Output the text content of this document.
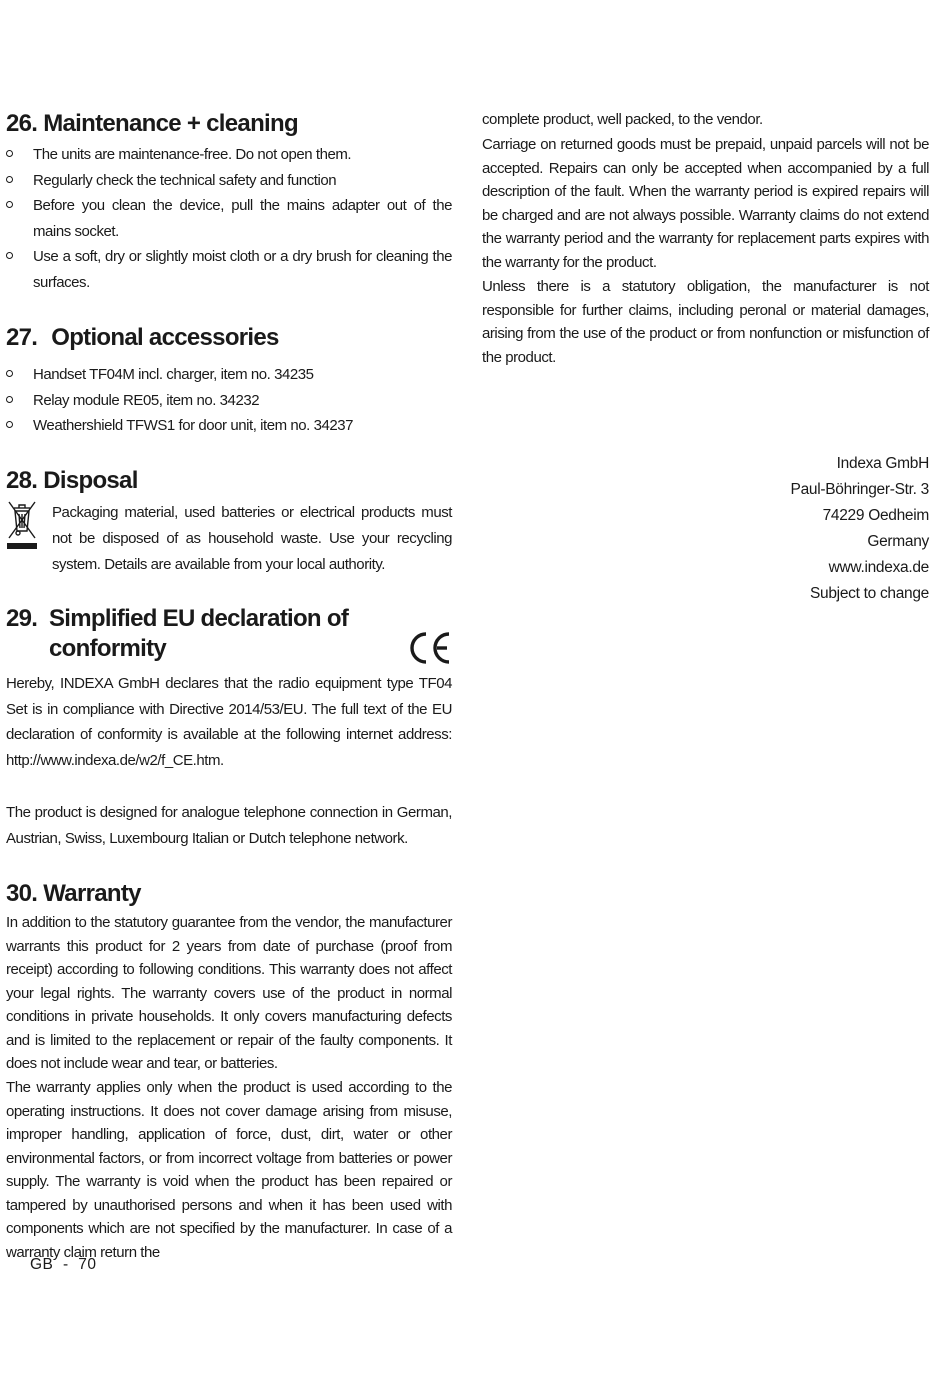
26. Maintenance + cleaning
The units are maintenance-free. Do not open them.
Regularly check the technical safety and function
Before you clean the device, pull the mains adapter out of the mains socket.
Use a soft, dry or slightly moist cloth or a dry brush for cleaning the surfaces.
27. Optional accessories
Handset TF04M incl. charger, item no. 34235
Relay module RE05, item no. 34232
Weathershield TFWS1 for door unit, item no. 34237
28. Disposal

Packaging material, used batteries or electrical products must not be disposed of as household waste. Use your recycling system. Details are available from your local authority.

29. Simplified EU declaration of
conformity

Hereby, INDEXA GmbH declares that the radio equipment type TF04 Set is in compliance with Directive 2014/53/EU. The full text of the EU declaration of conformity is available at the following internet address: http://www.indexa.de/w2/f_CE.htm.

The product is designed for analogue telephone connection in German, Austrian, Swiss, Luxembourg Italian or Dutch telephone network.

30. Warranty

In addition to the statutory guarantee from the vendor, the manufacturer warrants this product for 2 years from date of purchase (proof from receipt) according to following conditions. This warranty does not affect your legal rights. The warranty covers use of the product in normal conditions in private households. It only covers manufacturing defects and is limited to the replacement or repair of the faulty components. It does not include wear and tear, or batteries.

The warranty applies only when the product is used according to the operating instructions. It does not cover damage arising from misuse, improper handling, application of force, dust, dirt, water or other environmental factors, or from incorrect voltage from batteries or power supply. The warranty is void when the product has been repaired or tampered by unauthorised persons and when it has been used with components which are not specified by the manufacturer. In case of a warranty claim return the

complete product, well packed, to the vendor.

Carriage on returned goods must be prepaid, unpaid parcels will not be accepted. Repairs can only be accepted when accompanied by a full description of the fault. When the warranty period is expired repairs will be charged and are not always possible. Warranty claims do not extend the warranty period and the warranty for replacement parts expires with the warranty for the product.

Unless there is a statutory obligation, the manufacturer is not responsible for further claims, including peronal or material damages, arising from the use of the product or from nonfunction or misfunction of the product.

Indexa GmbH
Paul-Böhringer-Str. 3
74229 Oedheim
Germany
www.indexa.de
Subject to change
GB  -  70
